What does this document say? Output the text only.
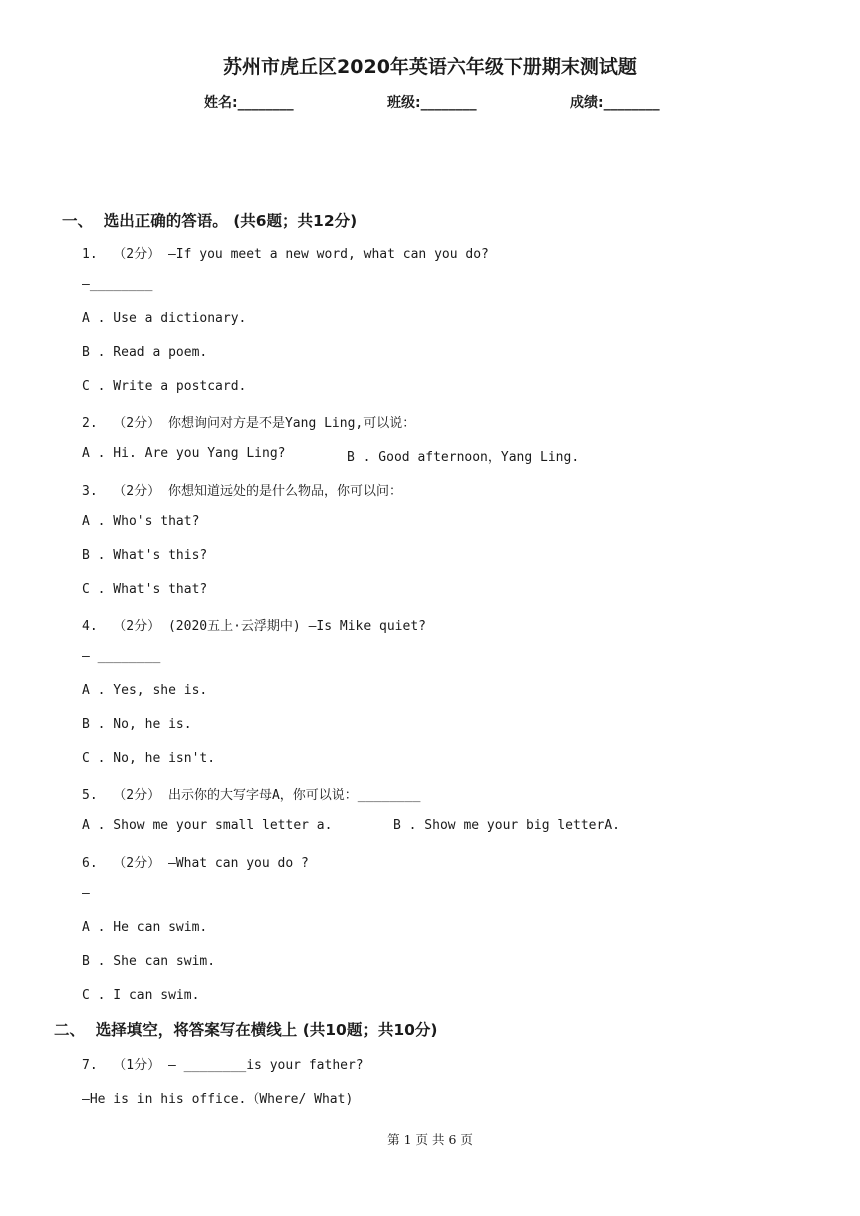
苏州市虎丘区2020年英语六年级下册期末测试题
姓名:________	班级:________	成绩:________
一、  选出正确的答语。 (共6题；共12分)
1.  （2分） —If you meet a new word, what can you do?
—________
A . Use a dictionary.
B . Read a poem.
C . Write a postcard.
2.  （2分） 你想询问对方是不是Yang Ling,可以说：
A . Hi. Are you Yang Ling?	B . Good afternoon，Yang Ling.
3.  （2分） 你想知道远处的是什么物品，你可以问：
A . Who's that?
B . What's this?
C . What's that?
4.  （2分） (2020五上·云浮期中) —Is Mike quiet?
— ________
A . Yes, she is.
B . No, he is.
C . No, he isn't.
5.  （2分） 出示你的大写字母A，你可以说：________
A . Show me your small letter a.	B . Show me your big letterA.
6.  （2分） —What can you do ?
—
A . He can swim.
B . She can swim.
C . I can swim.
二、  选择填空，将答案写在横线上 (共10题；共10分)
7.  （1分） — ________is your father?
—He is in his office.（Where/ What)
第 1 页 共 6 页
